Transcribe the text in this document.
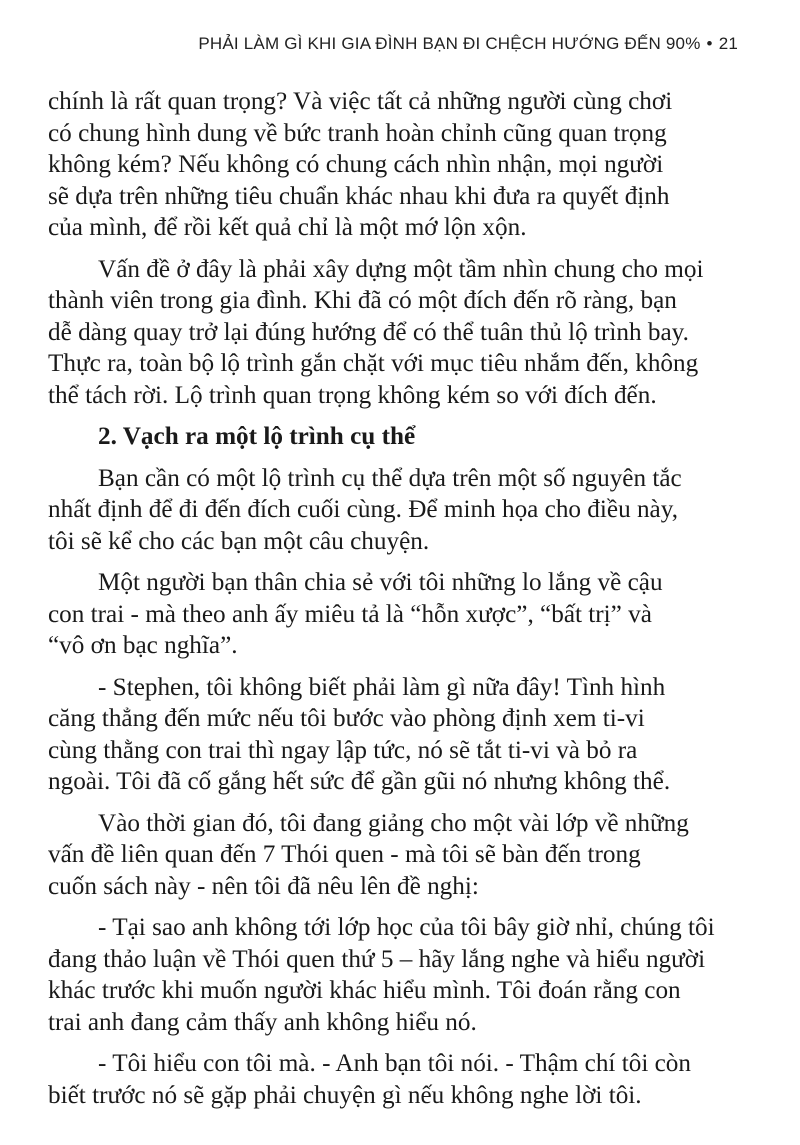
PHẢI LÀM GÌ KHI GIA ĐÌNH BẠN ĐI CHỆCH HƯỚNG ĐẾN 90% • 21

chính là rất quan trọng? Và việc tất cả những người cùng chơi
có chung hình dung về bức tranh hoàn chỉnh cũng quan trọng
không kém? Nếu không có chung cách nhìn nhận, mọi người
sẽ dựa trên những tiêu chuẩn khác nhau khi đưa ra quyết định
của mình, để rồi kết quả chỉ là một mớ lộn xộn.

Vấn đề ở đây là phải xây dựng một tầm nhìn chung cho mọi
thành viên trong gia đình. Khi đã có một đích đến rõ ràng, bạn
dễ dàng quay trở lại đúng hướng để có thể tuân thủ lộ trình bay.
Thực ra, toàn bộ lộ trình gắn chặt với mục tiêu nhắm đến, không
thể tách rời. Lộ trình quan trọng không kém so với đích đến.

2. Vạch ra một lộ trình cụ thể

Bạn cần có một lộ trình cụ thể dựa trên một số nguyên tắc
nhất định để đi đến đích cuối cùng. Để minh họa cho điều này,
tôi sẽ kể cho các bạn một câu chuyện.

Một người bạn thân chia sẻ với tôi những lo lắng về cậu
con trai - mà theo anh ấy miêu tả là “hỗn xược”, “bất trị” và
“vô ơn bạc nghĩa”.

- Stephen, tôi không biết phải làm gì nữa đây! Tình hình
căng thẳng đến mức nếu tôi bước vào phòng định xem ti-vi
cùng thằng con trai thì ngay lập tức, nó sẽ tắt ti-vi và bỏ ra
ngoài. Tôi đã cố gắng hết sức để gần gũi nó nhưng không thể.

Vào thời gian đó, tôi đang giảng cho một vài lớp về những
vấn đề liên quan đến 7 Thói quen - mà tôi sẽ bàn đến trong
cuốn sách này - nên tôi đã nêu lên đề nghị:

- Tại sao anh không tới lớp học của tôi bây giờ nhỉ, chúng tôi
đang thảo luận về Thói quen thứ 5 – hãy lắng nghe và hiểu người
khác trước khi muốn người khác hiểu mình. Tôi đoán rằng con
trai anh đang cảm thấy anh không hiểu nó.

- Tôi hiểu con tôi mà. - Anh bạn tôi nói. - Thậm chí tôi còn
biết trước nó sẽ gặp phải chuyện gì nếu không nghe lời tôi.
